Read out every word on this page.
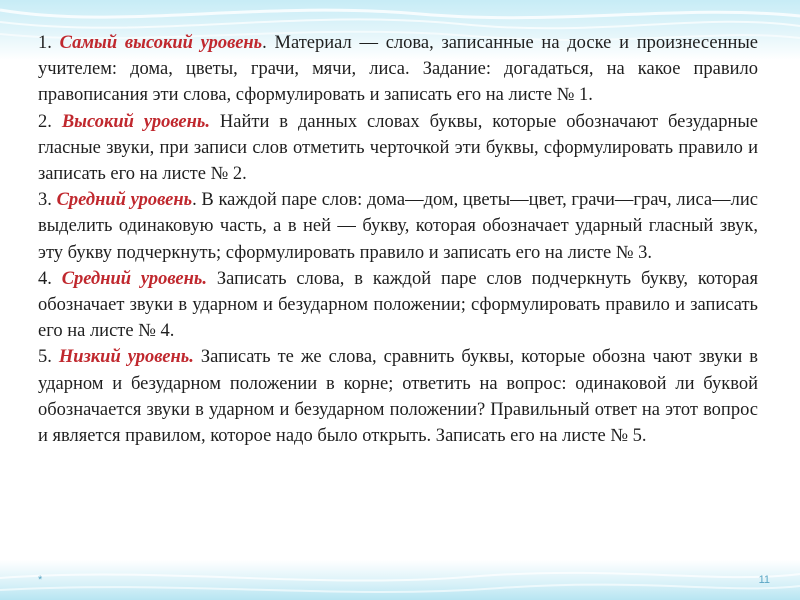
1. Самый высокий уровень. Материал — слова, записанные на доске и произнесенные учителем: дома, цветы, грачи, мячи, лиса. Задание: догадаться, на какое правило правописания эти слова, сформулировать и записать его на листе № 1.

2. Высокий уровень. Найти в данных словах буквы, которые обозначают безударные гласные звуки, при записи слов отметить черточкой эти буквы, сформулировать правило и записать его на листе № 2.

3. Средний уровень. В каждой паре слов: дома—дом, цветы—цвет, грачи—грач, лиса—лис выделить одинаковую часть, а в ней — букву, которая обозначает ударный гласный звук, эту букву подчеркнуть; сформулировать правило и записать его на листе № 3.

4. Средний уровень. Записать слова, в каждой паре слов подчеркнуть букву, которая обозначает звуки в ударном и безударном положении; сформулировать правило и записать его на листе № 4.

5. Низкий уровень. Записать те же слова, сравнить буквы, которые обозна чают звуки в ударном и безударном положении в корне; ответить на вопрос: одинаковой ли буквой обозначается звуки в ударном и безударном положении? Правильный ответ на этот вопрос и является правилом, которое надо было открыть. Записать его на листе № 5.

*	11
